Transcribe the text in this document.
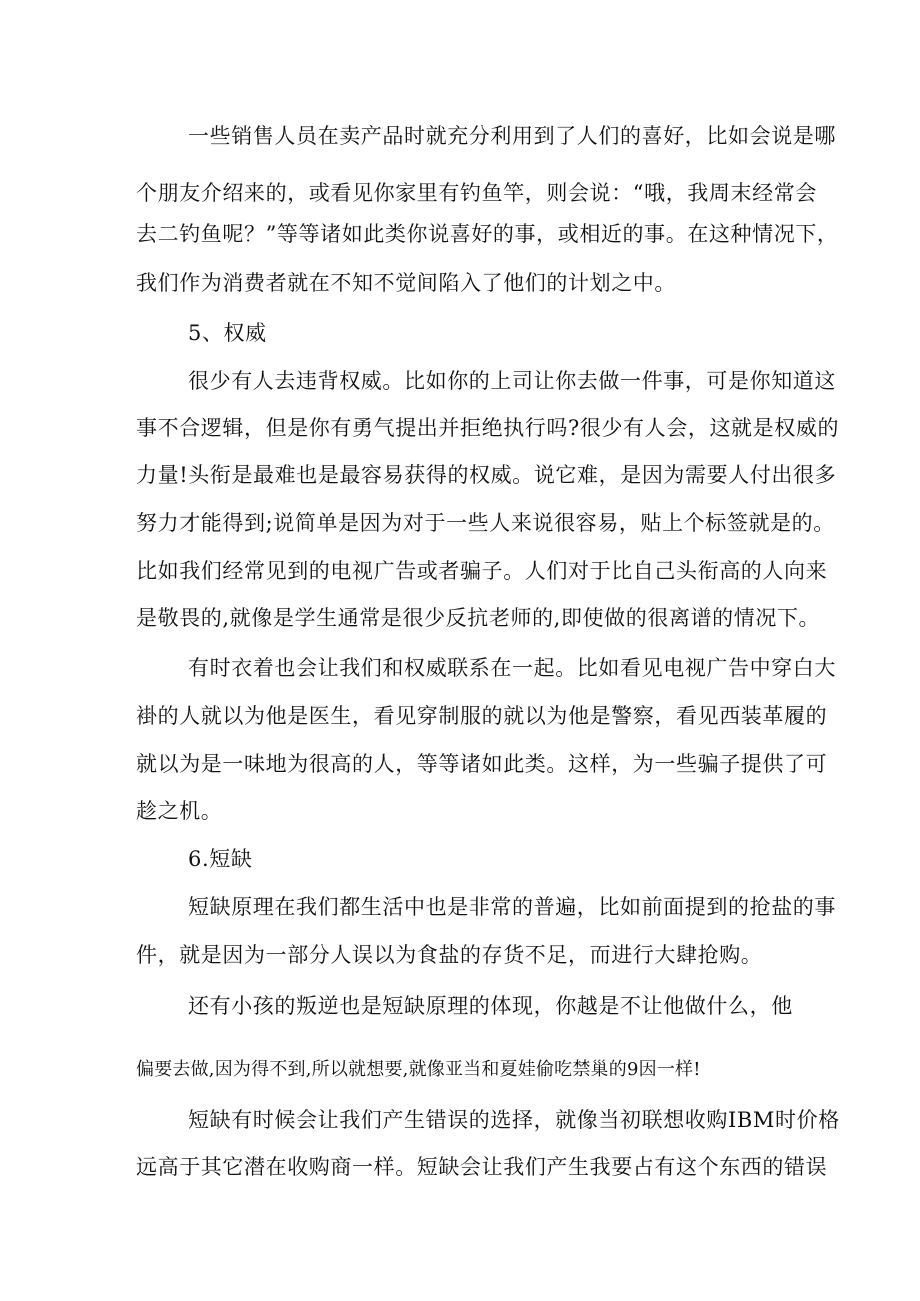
一些销售人员在卖产品时就充分利用到了人们的喜好，比如会说是哪
个朋友介绍来的，或看见你家里有钓鱼竿，则会说：“哦，我周末经常会
去二钓鱼呢？”等等诸如此类你说喜好的事，或相近的事。在这种情况下，
我们作为消费者就在不知不觉间陷入了他们的计划之中。
5、权威
很少有人去违背权威。比如你的上司让你去做一件事，可是你知道这
事不合逻辑，但是你有勇气提出并拒绝执行吗?很少有人会，这就是权威的
力量!头衔是最难也是最容易获得的权威。说它难，是因为需要人付出很多
努力才能得到;说简单是因为对于一些人来说很容易，贴上个标签就是的。
比如我们经常见到的电视广告或者骗子。人们对于比自己头衔高的人向来
是敬畏的,就像是学生通常是很少反抗老师的,即使做的很离谱的情况下。
有时衣着也会让我们和权威联系在一起。比如看见电视广告中穿白大
褂的人就以为他是医生，看见穿制服的就以为他是警察，看见西装革履的
就以为是一味地为很高的人，等等诸如此类。这样，为一些骗子提供了可
趁之机。
6.短缺
短缺原理在我们都生活中也是非常的普遍，比如前面提到的抢盐的事
件，就是因为一部分人误以为食盐的存货不足，而进行大肆抢购。
还有小孩的叛逆也是短缺原理的体现，你越是不让他做什么，他
偏要去做,因为得不到,所以就想要,就像亚当和夏娃偷吃禁巢的9因一样!
短缺有时候会让我们产生错误的选择，就像当初联想收购IBM时价格
远高于其它潜在收购商一样。短缺会让我们产生我要占有这个东西的错误
